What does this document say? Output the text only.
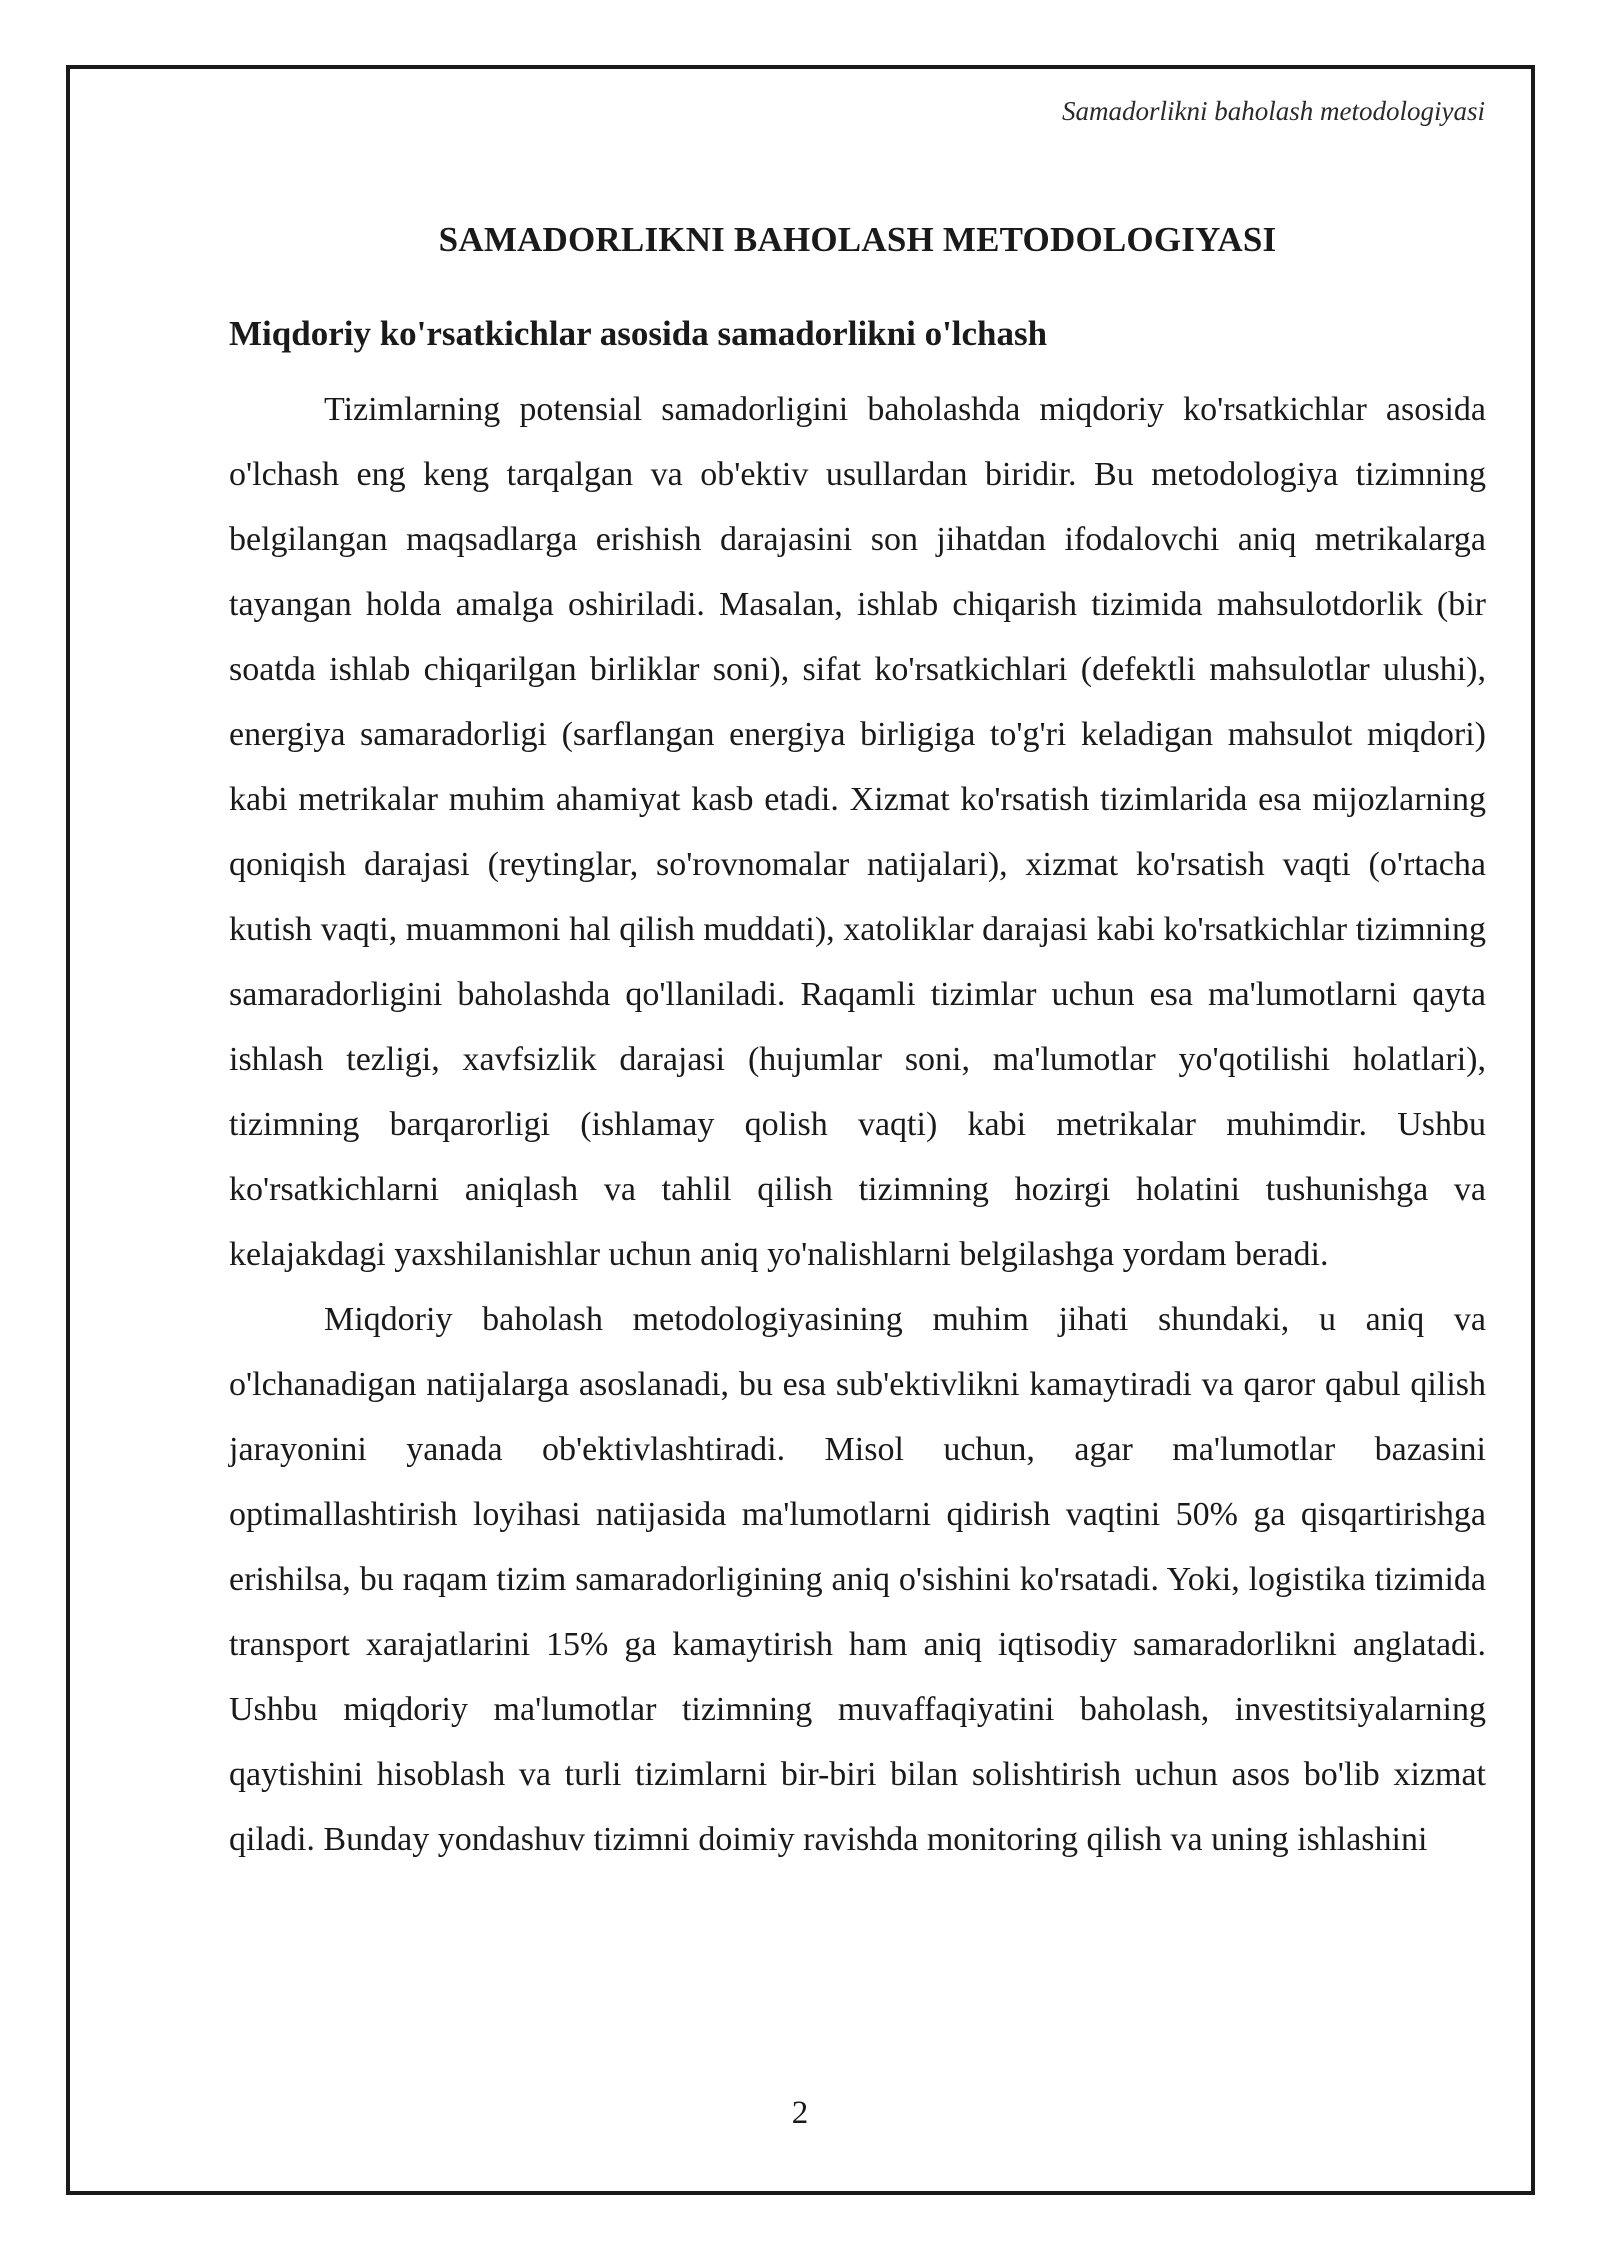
Samadorlikni baholash metodologiyasi
SAMADORLIKNI BAHOLASH METODOLOGIYASI
Miqdoriy ko'rsatkichlar asosida samadorlikni o'lchash

Tizimlarning potensial samadorligini baholashda miqdoriy ko'rsatkichlar asosida o'lchash eng keng tarqalgan va ob'ektiv usullardan biridir. Bu metodologiya tizimning belgilangan maqsadlarga erishish darajasini son jihatdan ifodalovchi aniq metrikalarga tayangan holda amalga oshiriladi. Masalan, ishlab chiqarish tizimida mahsulotdorlik (bir soatda ishlab chiqarilgan birliklar soni), sifat ko'rsatkichlari (defektli mahsulotlar ulushi), energiya samaradorligi (sarflangan energiya birligiga to'g'ri keladigan mahsulot miqdori) kabi metrikalar muhim ahamiyat kasb etadi. Xizmat ko'rsatish tizimlarida esa mijozlarning qoniqish darajasi (reytinglar, so'rovnomalar natijalari), xizmat ko'rsatish vaqti (o'rtacha kutish vaqti, muammoni hal qilish muddati), xatoliklar darajasi kabi ko'rsatkichlar tizimning samaradorligini baholashda qo'llaniladi. Raqamli tizimlar uchun esa ma'lumotlarni qayta ishlash tezligi, xavfsizlik darajasi (hujumlar soni, ma'lumotlar yo'qotilishi holatlari), tizimning barqarorligi (ishlamay qolish vaqti) kabi metrikalar muhimdir. Ushbu ko'rsatkichlarni aniqlash va tahlil qilish tizimning hozirgi holatini tushunishga va kelajakdagi yaxshilanishlar uchun aniq yo'nalishlarni belgilashga yordam beradi.

Miqdoriy baholash metodologiyasining muhim jihati shundaki, u aniq va o'lchanadigan natijalarga asoslanadi, bu esa sub'ektivlikni kamaytiradi va qaror qabul qilish jarayonini yanada ob'ektivlashtiradi. Misol uchun, agar ma'lumotlar bazasini optimallashtirish loyihasi natijasida ma'lumotlarni qidirish vaqtini 50% ga qisqartirishga erishilsa, bu raqam tizim samaradorligining aniq o'sishini ko'rsatadi. Yoki, logistika tizimida transport xarajatlarini 15% ga kamaytirish ham aniq iqtisodiy samaradorlikni anglatadi. Ushbu miqdoriy ma'lumotlar tizimning muvaffaqiyatini baholash, investitsiyalarning qaytishini hisoblash va turli tizimlarni bir-biri bilan solishtirish uchun asos bo'lib xizmat qiladi. Bunday yondashuv tizimni doimiy ravishda monitoring qilish va uning ishlashini

2
